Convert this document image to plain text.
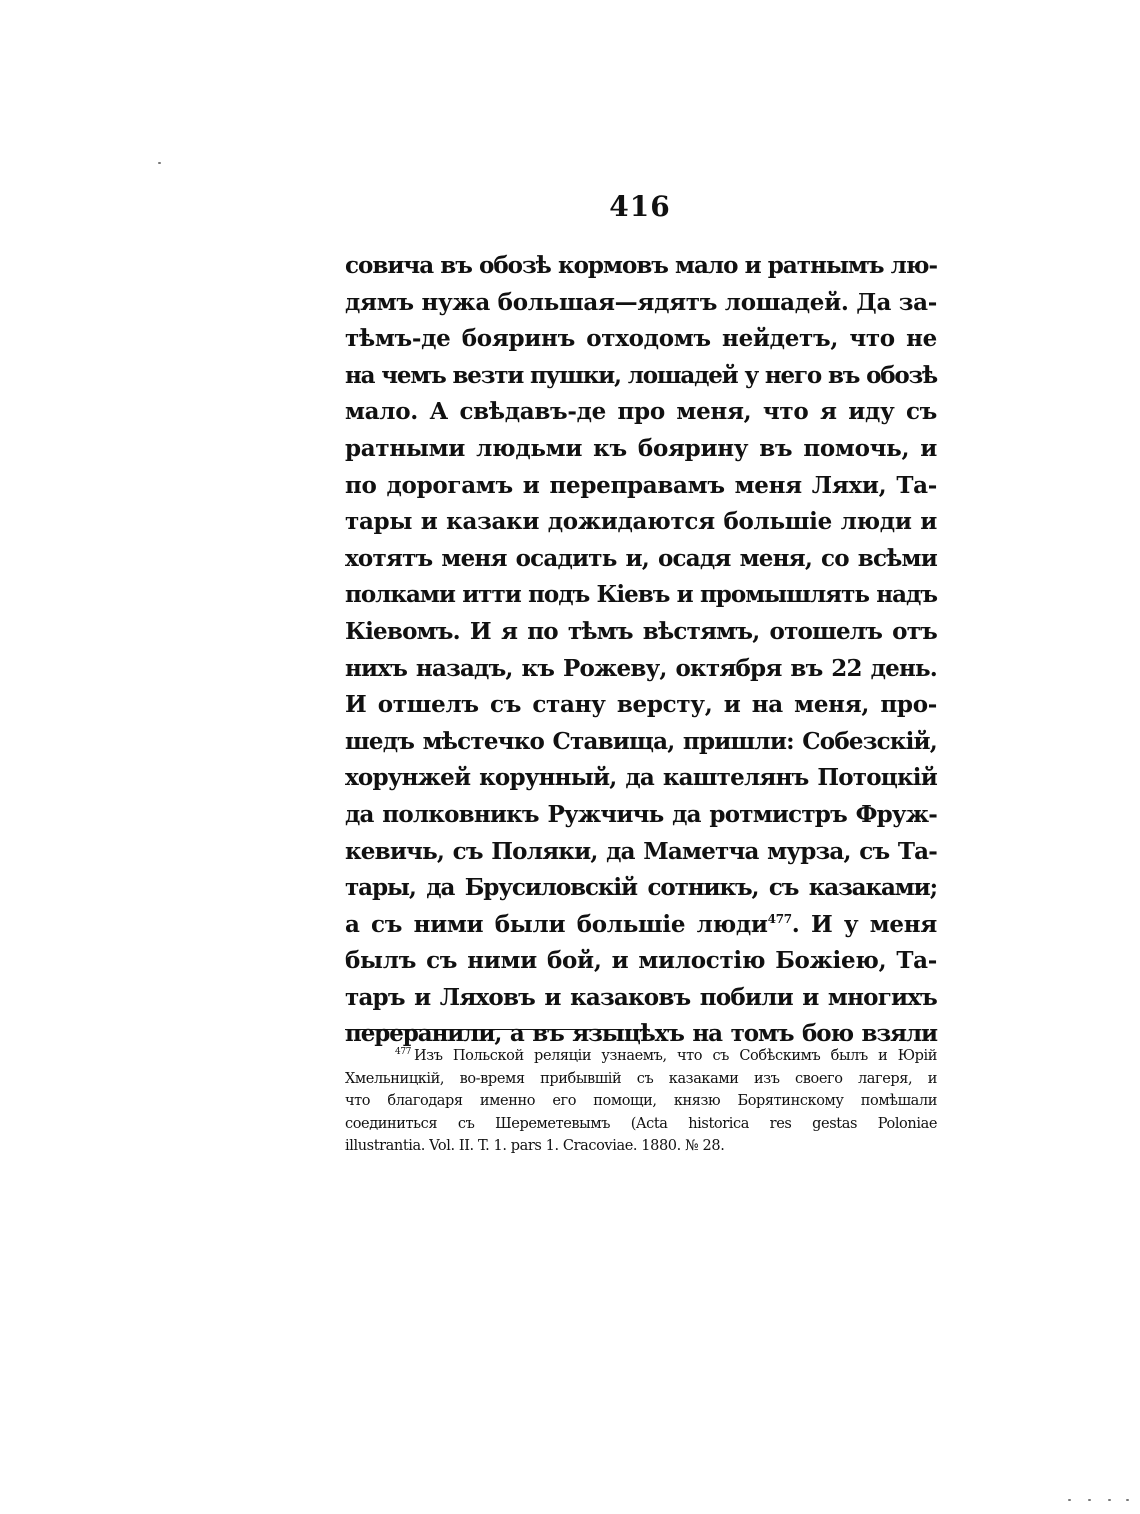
416
совича въ обозѣ кормовъ мало и ратнымъ лю-
дямъ нужа большая—ядятъ лошадей. Да за-
тѣмъ-де бояринъ отходомъ нейдетъ, что не
на чемъ везти пушки, лошадей у него въ обозѣ
мало. А свѣдавъ-де про меня, что я иду съ
ратными людьми къ боярину въ помочь, и
по дорогамъ и переправамъ меня Ляхи, Та-
тары и казаки дожидаются большiе люди и
хотятъ меня осадить и, осадя меня, со всѣми
полками итти подъ Кiевъ и промышлять надъ
Кiевомъ. И я по тѣмъ вѣстямъ, отошелъ отъ
нихъ назадъ, къ Рожеву, октября въ 22 день.
И отшелъ съ стану версту, и на меня, про-
шедъ мѣстечко Ставища, пришли: Собезскiй,
хорунжей корунный, да каштелянъ Потоцкiй
да полковникъ Ружчичь да ротмистръ Фруж-
кевичь, съ Поляки, да Маметча мурза, съ Та-
тары, да Брусиловскiй сотникъ, съ казаками;
а съ ними были большiе люди$^{477}$. И у меня
былъ съ ними бой, и милостiю Божiею, Та-
таръ и Ляховъ и казаковъ побили и многихъ
переранили, а въ языцѣхъ на томъ бою взяли
$^{477}$ Изъ Польской реляцiи узнаемъ, что съ Собѣскимъ былъ и Юрiй
Хмельницкiй, во-время прибывшiй съ казаками изъ своего лагеря, и
что благодаря именно его помощи, князю Борятинскому помѣшали
соединиться съ Шереметевымъ (Acta historica res gestas Poloniae
illustrantia. Vol. II. T. 1. pars 1. Cracoviae. 1880. № 28.
